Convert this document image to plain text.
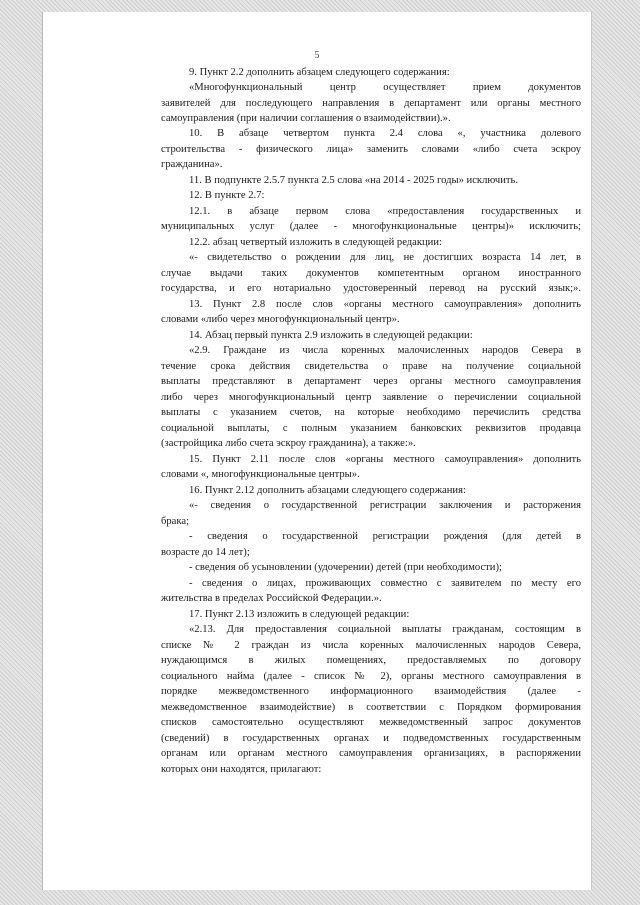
5
9. Пункт 2.2 дополнить абзацем следующего содержания:
«Многофункциональный центр осуществляет прием документов
заявителей для последующего направления в департамент или органы местного
самоуправления (при наличии соглашения о взаимодействии).».
10. В абзаце четвертом пункта 2.4 слова «, участника долевого
строительства - физического лица» заменить словами «либо счета эскроу
гражданина».
11. В подпункте 2.5.7 пункта 2.5 слова «на 2014 - 2025 годы» исключить.
12. В пункте 2.7:
12.1. в абзаце первом слова «предоставления государственных и
муниципальных услуг (далее - многофункциональные центры)» исключить;
12.2. абзац четвертый изложить в следующей редакции:
«- свидетельство о рождении для лиц, не достигших возраста 14 лет, в
случае выдачи таких документов компетентным органом иностранного
государства, и его нотариально удостоверенный перевод на русский язык;».
13. Пункт 2.8 после слов «органы местного самоуправления» дополнить
словами «либо через многофункциональный центр».
14. Абзац первый пункта 2.9 изложить в следующей редакции:
«2.9. Граждане из числа коренных малочисленных народов Севера в
течение срока действия свидетельства о праве на получение социальной
выплаты представляют в департамент через органы местного самоуправления
либо через многофункциональный центр заявление о перечислении социальной
выплаты с указанием счетов, на которые необходимо перечислить средства
социальной выплаты, с полным указанием банковских реквизитов продавца
(застройщика либо счета эскроу гражданина), а также:».
15. Пункт 2.11 после слов «органы местного самоуправления» дополнить
словами «, многофункциональные центры».
16. Пункт 2.12 дополнить абзацами следующего содержания:
«- сведения о государственной регистрации заключения и расторжения
брака;
- сведения о государственной регистрации рождения (для детей в
возрасте до 14 лет);
- сведения об усыновлении (удочерении) детей (при необходимости);
- сведения о лицах, проживающих совместно с заявителем по месту его
жительства в пределах Российской Федерации.».
17. Пункт 2.13 изложить в следующей редакции:
«2.13. Для предоставления социальной выплаты гражданам, состоящим в
списке № 2 граждан из числа коренных малочисленных народов Севера,
нуждающимся в жилых помещениях, предоставляемых по договору
социального найма (далее - список № 2), органы местного самоуправления в
порядке межведомственного информационного взаимодействия (далее -
межведомственное взаимодействие) в соответствии с Порядком формирования
списков самостоятельно осуществляют межведомственный запрос документов
(сведений) в государственных органах и подведомственных государственным
органам или органам местного самоуправления организациях, в распоряжении
которых они находятся, прилагают:
